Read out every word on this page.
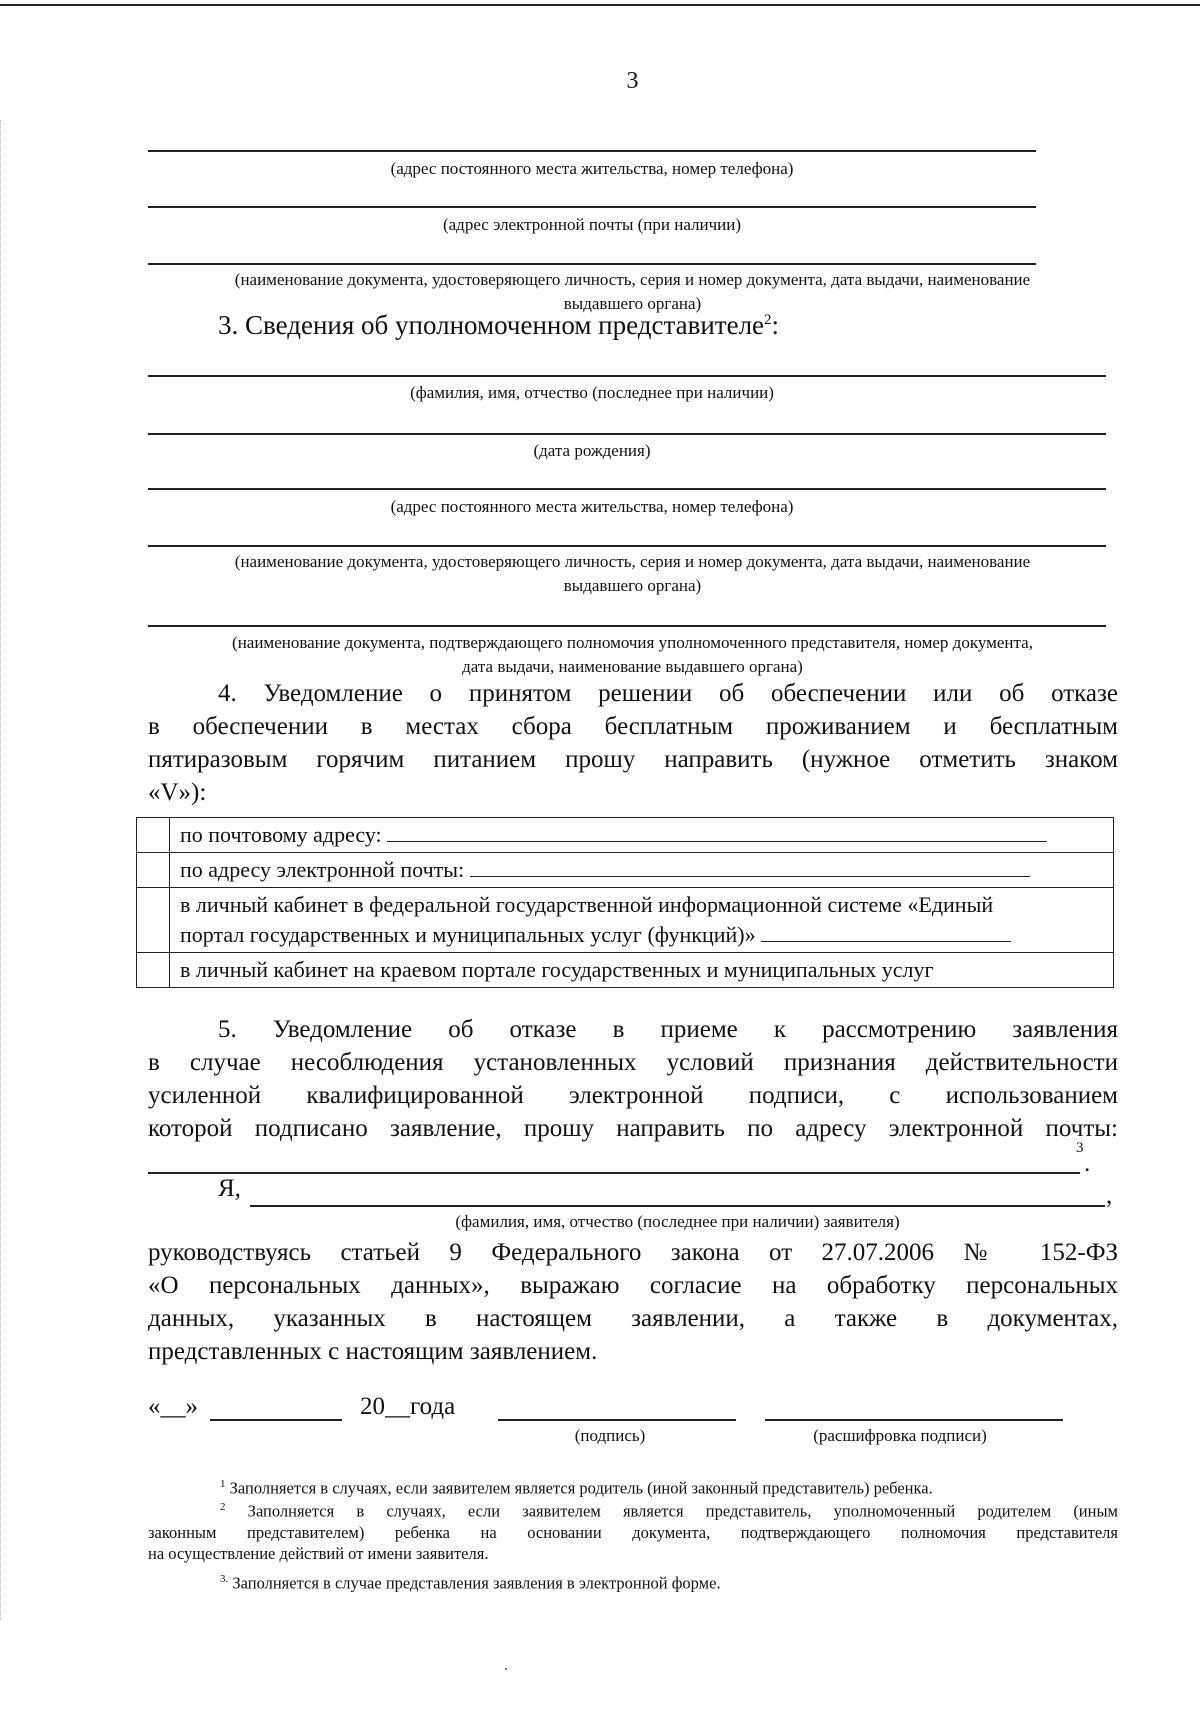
3
(адрес постоянного места жительства, номер телефона)
(адрес электронной почты (при наличии)
(наименование документа, удостоверяющего личность, серия и номер документа, дата выдачи, наименование
выдавшего органа)
3. Сведения об уполномоченном представителе$^2$:
(фамилия, имя, отчество (последнее при наличии)
(дата рождения)
(адрес постоянного места жительства, номер телефона)
(наименование документа, удостоверяющего личность, серия и номер документа, дата выдачи, наименование
выдавшего органа)
(наименование документа, подтверждающего полномочия уполномоченного представителя, номер документа,
дата выдачи, наименование выдавшего органа)
4. Уведомление о принятом решении об обеспечении или об отказе
в обеспечении в местах сбора бесплатным проживанием и бесплатным
пятиразовым горячим питанием прошу направить (нужное отметить знаком
«V»):
	по почтовому адресу:
	по адресу электронной почты:

	в личный кабинет в федеральной государственной информационной системе «Единый
портал государственных и муниципальных услуг (функций)»
	в личный кабинет на краевом портале государственных и муниципальных услуг
5. Уведомление об отказе в приеме к рассмотрению заявления
в случае несоблюдения установленных условий признания действительности
усиленной квалифицированной электронной подписи, с использованием
которой подписано заявление, прошу направить по адресу электронной почты:
3
.
Я,	,
(фамилия, имя, отчество (последнее при наличии) заявителя)
руководствуясь статьей 9 Федерального закона от 27.07.2006 № 152-ФЗ
«О персональных данных», выражаю согласие на обработку персональных
данных, указанных в настоящем заявлении, а также в документах,
представленных с настоящим заявлением.
«__»	20__года
(подпись)	(расшифровка подписи)
$^1$ Заполняется в случаях, если заявителем является родитель (иной законный представитель) ребенка.
$^2$ Заполняется в случаях, если заявителем является представитель, уполномоченный родителем (иным
законным представителем) ребенка на основании документа, подтверждающего полномочия представителя
на осуществление действий от имени заявителя.
$^{3.}$ Заполняется в случае представления заявления в электронной форме.
